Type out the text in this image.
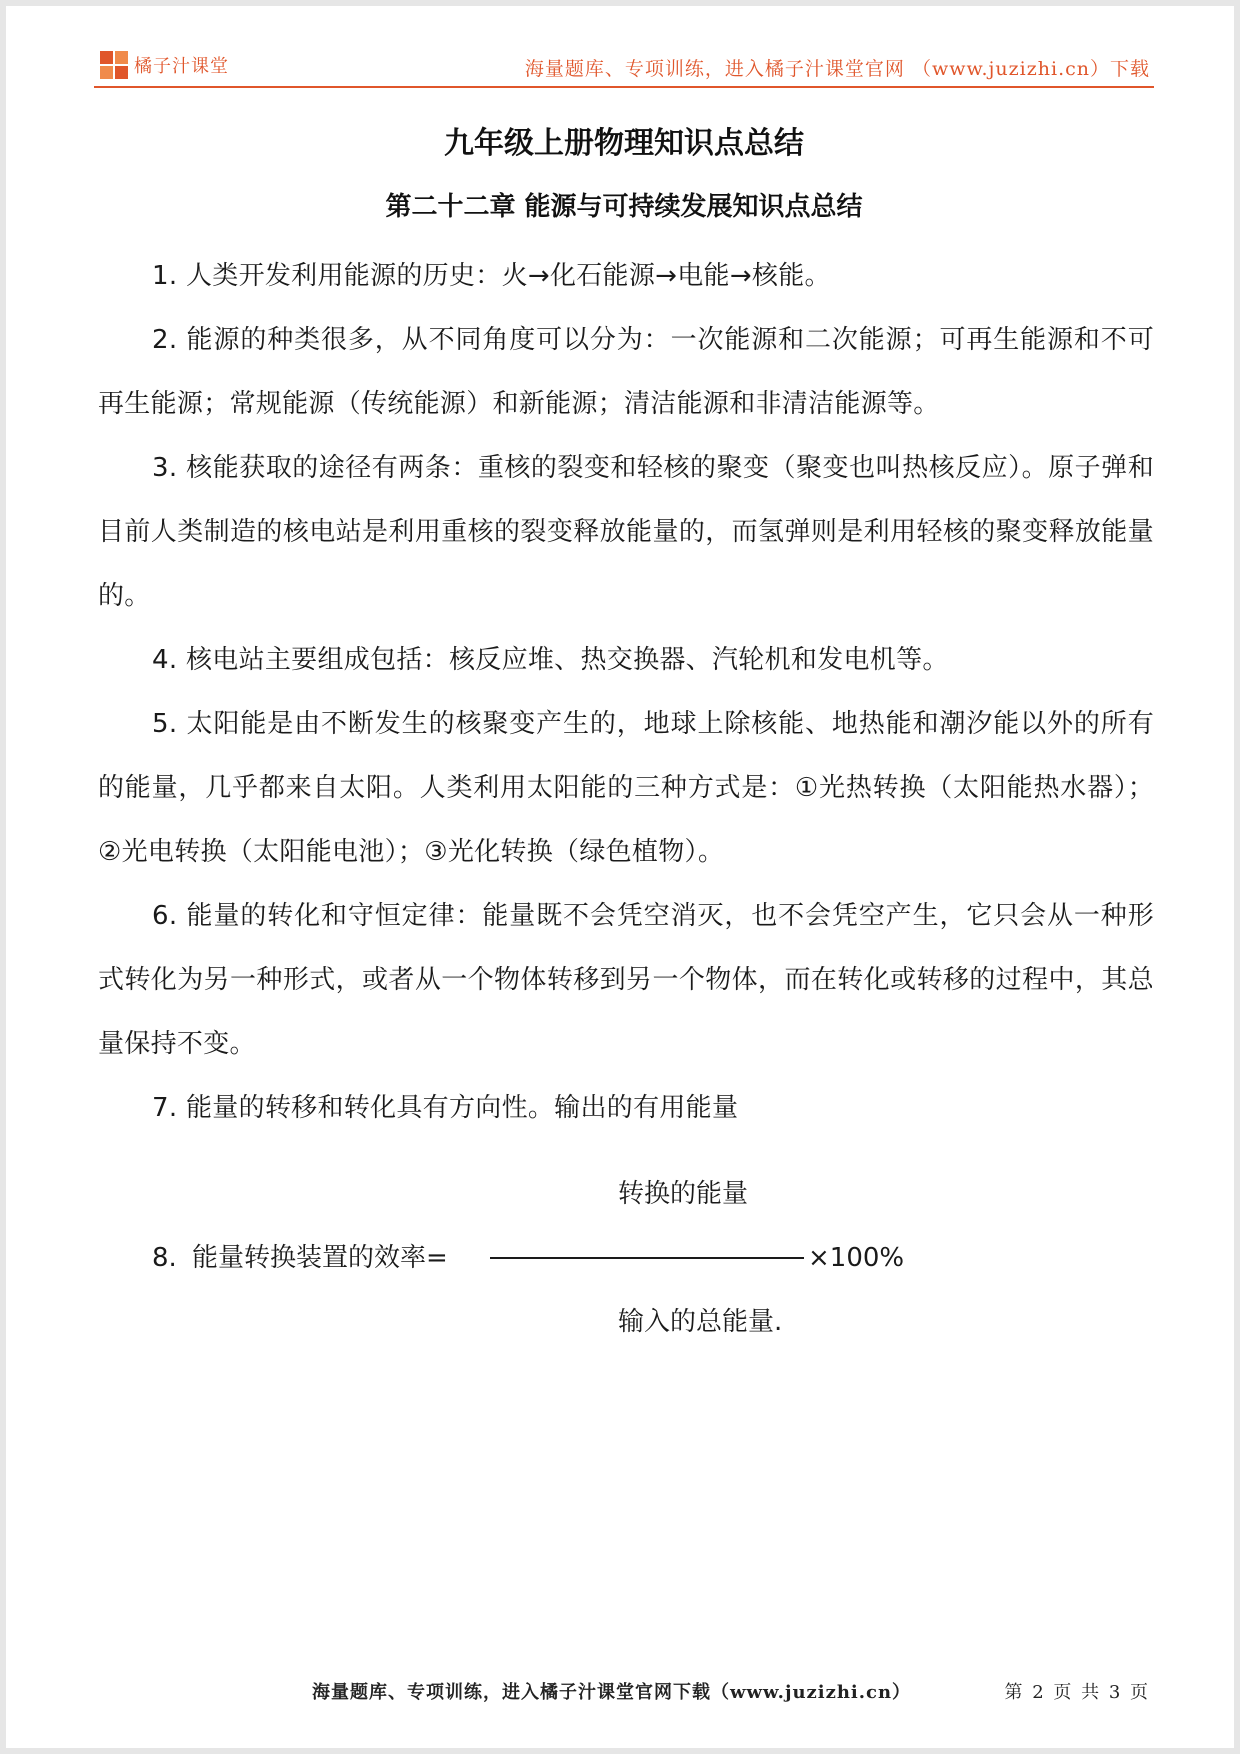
橘子汁课堂	海量题库、专项训练，进入橘子汁课堂官网 （www.juzizhi.cn）下载
九年级上册物理知识点总结
第二十二章 能源与可持续发展知识点总结

1. 人类开发利用能源的历史：火→化石能源→电能→核能。

2. 能源的种类很多，从不同角度可以分为：一次能源和二次能源；可再生能源和不可再生能源；常规能源（传统能源）和新能源；清洁能源和非清洁能源等。

3. 核能获取的途径有两条：重核的裂变和轻核的聚变（聚变也叫热核反应）。原子弹和目前人类制造的核电站是利用重核的裂变释放能量的，而氢弹则是利用轻核的聚变释放能量的。

4. 核电站主要组成包括：核反应堆、热交换器、汽轮机和发电机等。

5. 太阳能是由不断发生的核聚变产生的，地球上除核能、地热能和潮汐能以外的所有的能量，几乎都来自太阳。人类利用太阳能的三种方式是：①光热转换（太阳能热水器）；②光电转换（太阳能电池）；③光化转换（绿色植物）。

6. 能量的转化和守恒定律：能量既不会凭空消灭，也不会凭空产生，它只会从一种形式转化为另一种形式，或者从一个物体转移到另一个物体，而在转化或转移的过程中，其总量保持不变。

7. 能量的转移和转化具有方向性。输出的有用能量

转换的能量
8. 能量转换装置的效率=	×100%
输入的总能量.
海量题库、专项训练，进入橘子汁课堂官网下载（www.juzizhi.cn）	第 2 页 共 3 页
